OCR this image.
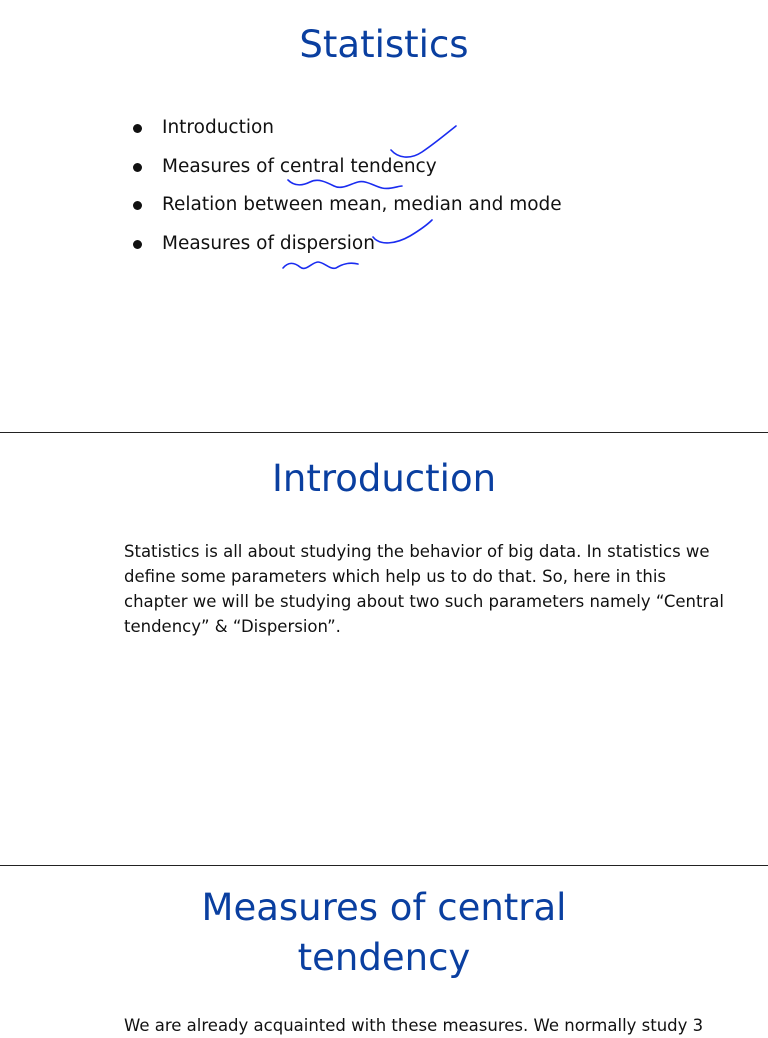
Statistics
Introduction
Measures of central tendency
Relation between mean, median and mode
Measures of dispersion
Introduction

Statistics is all about studying the behavior of big data. In statistics we define some parameters which help us to do that. So, here in this chapter we will be studying about two such parameters namely “Central tendency” & “Dispersion”.

Measures of central tendency

We are already acquainted with these measures. We normally study 3
